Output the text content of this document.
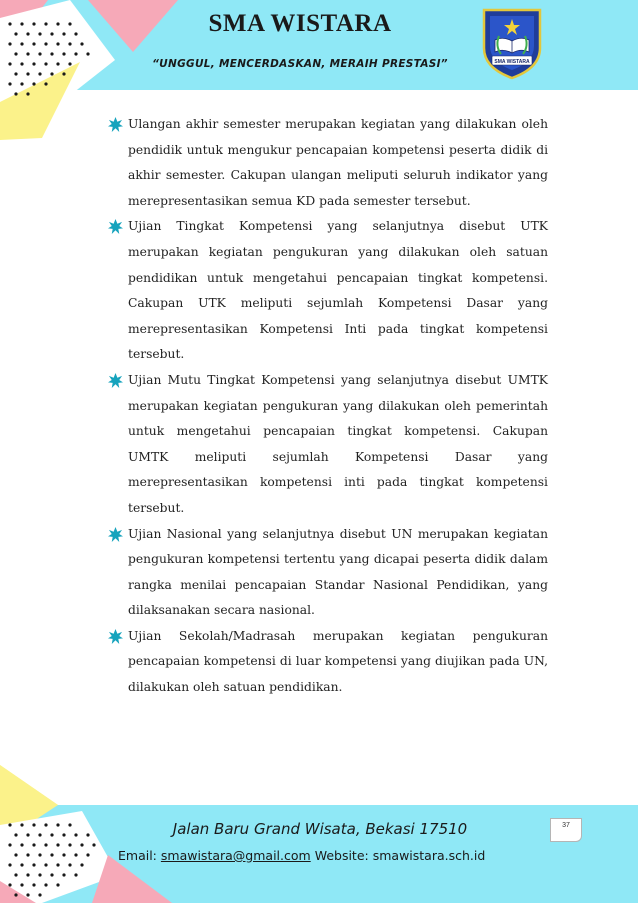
SMA WISTARA
“UNGGUL, MENCERDASKAN, MERAIH PRESTASI”	SMA WISTARA
Ulangan akhir semester merupakan kegiatan yang dilakukan oleh pendidik untuk mengukur pencapaian kompetensi peserta didik di akhir semester. Cakupan ulangan meliputi seluruh indikator yang merepresentasikan semua KD pada semester tersebut.
Ujian Tingkat Kompetensi yang selanjutnya disebut UTK merupakan kegiatan pengukuran yang dilakukan oleh satuan pendidikan untuk mengetahui pencapaian tingkat kompetensi. Cakupan UTK meliputi sejumlah Kompetensi Dasar yang merepresentasikan Kompetensi Inti pada tingkat kompetensi tersebut.
Ujian Mutu Tingkat Kompetensi yang selanjutnya disebut UMTK merupakan kegiatan pengukuran yang dilakukan oleh pemerintah untuk mengetahui pencapaian tingkat kompetensi. Cakupan UMTK meliputi sejumlah Kompetensi Dasar yang merepresentasikan kompetensi inti pada tingkat kompetensi tersebut.
Ujian Nasional yang selanjutnya disebut UN merupakan kegiatan pengukuran kompetensi tertentu yang dicapai peserta didik dalam rangka menilai pencapaian Standar Nasional Pendidikan, yang dilaksanakan secara nasional.
Ujian Sekolah/Madrasah merupakan kegiatan pengukuran pencapaian kompetensi di luar kompetensi yang diujikan pada UN, dilakukan oleh satuan pendidikan.
Jalan Baru Grand Wisata, Bekasi 17510
Email: smawistara@gmail.com Website: smawistara.sch.id
37
